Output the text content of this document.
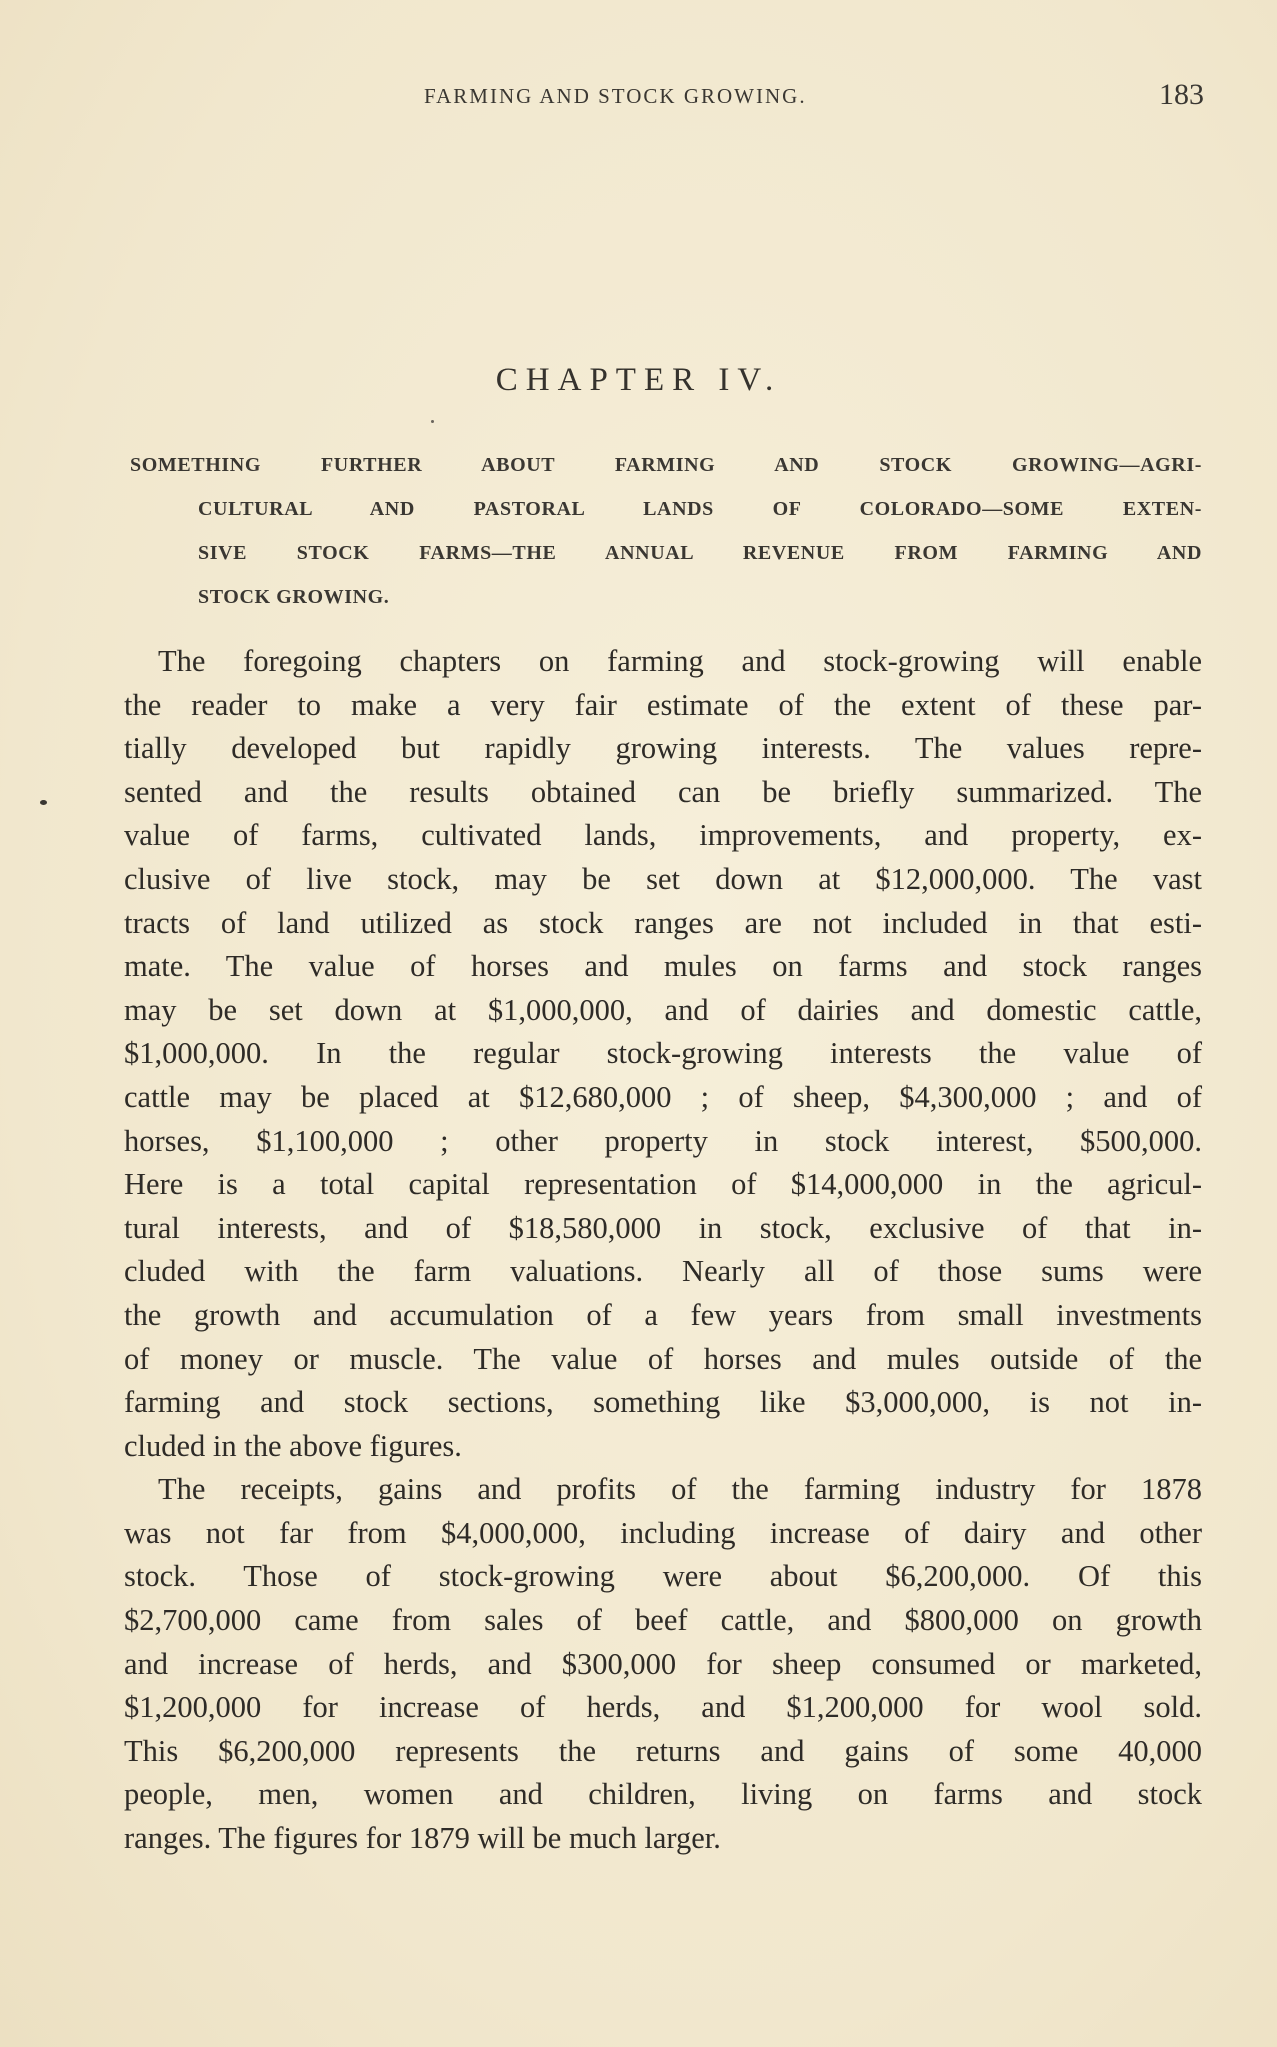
FARMING AND STOCK GROWING.	183
CHAPTER IV.
SOMETHING FURTHER ABOUT FARMING AND STOCK GROWING—AGRI-
CULTURAL AND PASTORAL LANDS OF COLORADO—SOME EXTEN-
SIVE STOCK FARMS—THE ANNUAL REVENUE FROM FARMING AND
STOCK GROWING.
The foregoing chapters on farming and stock-growing will enable
the reader to make a very fair estimate of the extent of these par-
tially developed but rapidly growing interests. The values repre-
sented and the results obtained can be briefly summarized. The
value of farms, cultivated lands, improvements, and property, ex-
clusive of live stock, may be set down at $12,000,000. The vast
tracts of land utilized as stock ranges are not included in that esti-
mate. The value of horses and mules on farms and stock ranges
may be set down at $1,000,000, and of dairies and domestic cattle,
$1,000,000. In the regular stock-growing interests the value of
cattle may be placed at $12,680,000 ; of sheep, $4,300,000 ; and of
horses, $1,100,000 ; other property in stock interest, $500,000.
Here is a total capital representation of $14,000,000 in the agricul-
tural interests, and of $18,580,000 in stock, exclusive of that in-
cluded with the farm valuations. Nearly all of those sums were
the growth and accumulation of a few years from small investments
of money or muscle. The value of horses and mules outside of the
farming and stock sections, something like $3,000,000, is not in-
cluded in the above figures.
The receipts, gains and profits of the farming industry for 1878
was not far from $4,000,000, including increase of dairy and other
stock. Those of stock-growing were about $6,200,000. Of this
$2,700,000 came from sales of beef cattle, and $800,000 on growth
and increase of herds, and $300,000 for sheep consumed or marketed,
$1,200,000 for increase of herds, and $1,200,000 for wool sold.
This $6,200,000 represents the returns and gains of some 40,000
people, men, women and children, living on farms and stock
ranges. The figures for 1879 will be much larger.
